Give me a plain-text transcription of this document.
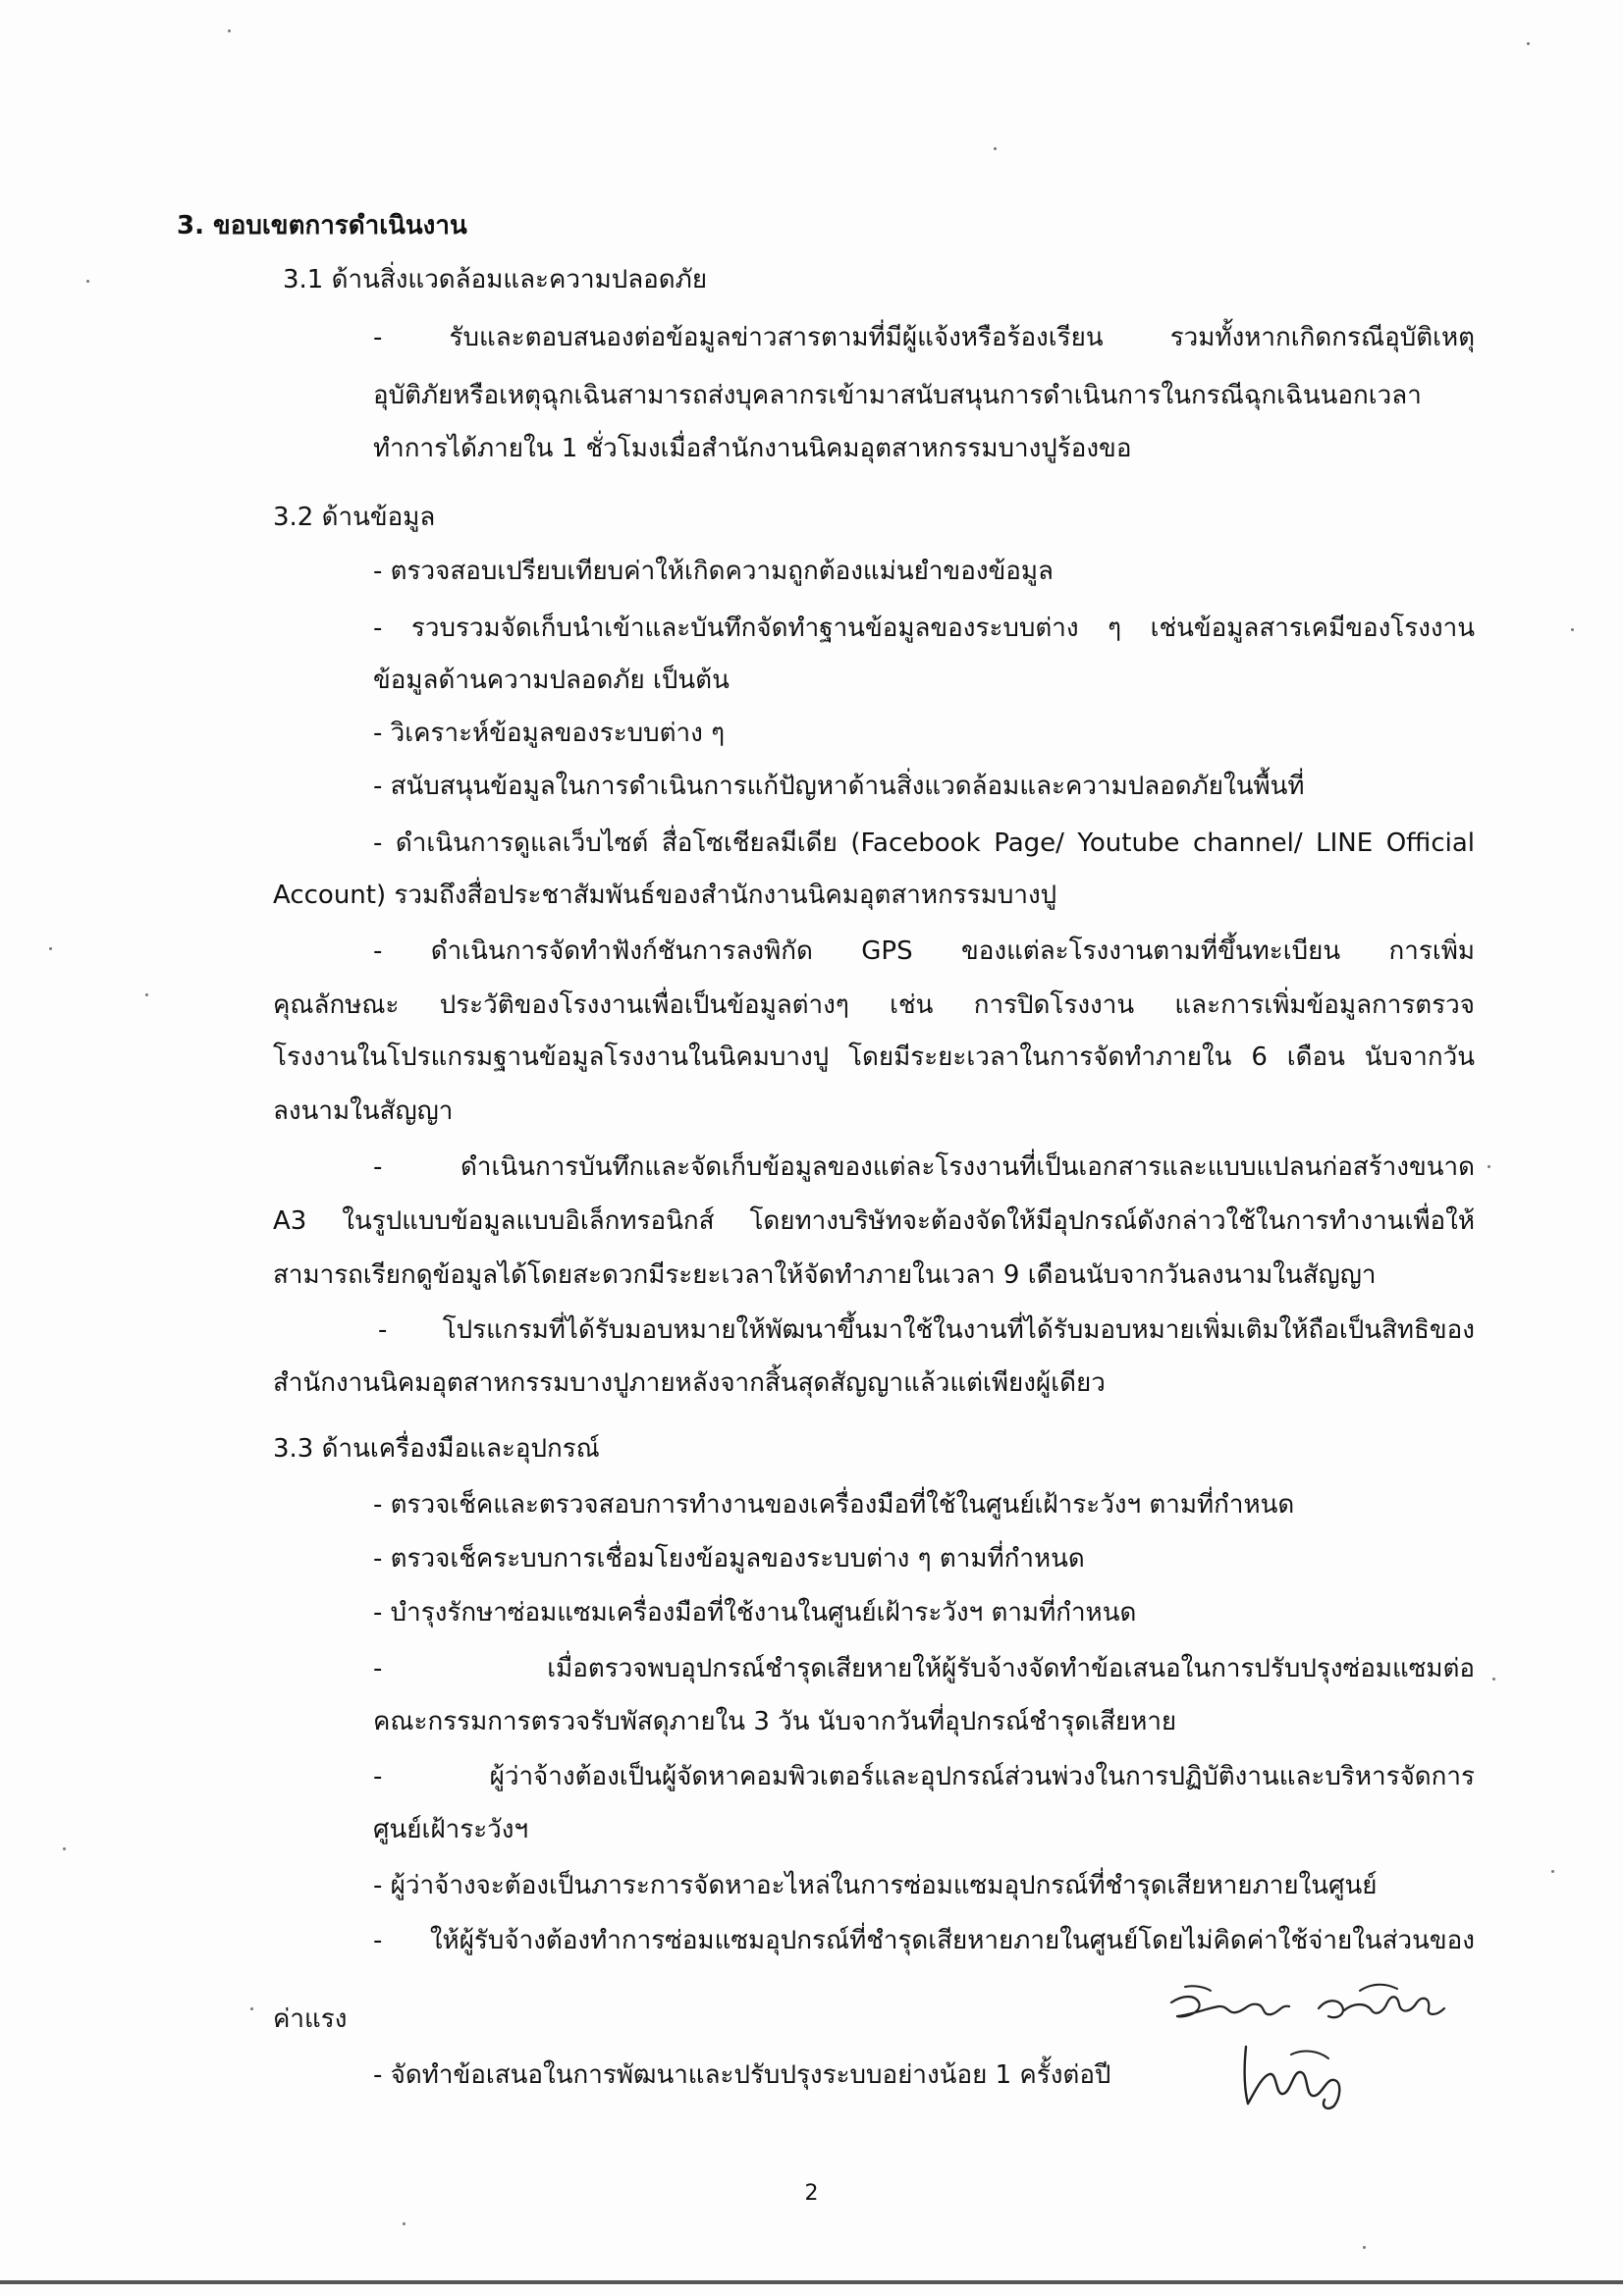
3. ขอบเขตการดำเนินงาน
3.1 ด้านสิ่งแวดล้อมและความปลอดภัย
- รับและตอบสนองต่อข้อมูลข่าวสารตามที่มีผู้แจ้งหรือร้องเรียน รวมทั้งหากเกิดกรณีอุบัติเหตุ
อุบัติภัยหรือเหตุฉุกเฉินสามารถส่งบุคลากรเข้ามาสนับสนุนการดำเนินการในกรณีฉุกเฉินนอกเวลา
ทำการได้ภายใน 1 ชั่วโมงเมื่อสำนักงานนิคมอุตสาหกรรมบางปูร้องขอ
3.2 ด้านข้อมูล
- ตรวจสอบเปรียบเทียบค่าให้เกิดความถูกต้องแม่นยำของข้อมูล
- รวบรวมจัดเก็บนำเข้าและบันทึกจัดทำฐานข้อมูลของระบบต่าง ๆ เช่นข้อมูลสารเคมีของโรงงาน
ข้อมูลด้านความปลอดภัย เป็นต้น
- วิเคราะห์ข้อมูลของระบบต่าง ๆ
- สนับสนุนข้อมูลในการดำเนินการแก้ปัญหาด้านสิ่งแวดล้อมและความปลอดภัยในพื้นที่
- ดำเนินการดูแลเว็บไซต์ สื่อโซเชียลมีเดีย (Facebook Page/ Youtube channel/ LINE Official
Account) รวมถึงสื่อประชาสัมพันธ์ของสำนักงานนิคมอุตสาหกรรมบางปู
- ดำเนินการจัดทำฟังก์ชันการลงพิกัด GPS ของแต่ละโรงงานตามที่ขึ้นทะเบียน การเพิ่ม
คุณลักษณะ ประวัติของโรงงานเพื่อเป็นข้อมูลต่างๆ เช่น การปิดโรงงาน และการเพิ่มข้อมูลการตรวจ
โรงงานในโปรแกรมฐานข้อมูลโรงงานในนิคมบางปู โดยมีระยะเวลาในการจัดทำภายใน 6 เดือน นับจากวัน
ลงนามในสัญญา
- ดำเนินการบันทึกและจัดเก็บข้อมูลของแต่ละโรงงานที่เป็นเอกสารและแบบแปลนก่อสร้างขนาด
A3 ในรูปแบบข้อมูลแบบอิเล็กทรอนิกส์ โดยทางบริษัทจะต้องจัดให้มีอุปกรณ์ดังกล่าวใช้ในการทำงานเพื่อให้
สามารถเรียกดูข้อมูลได้โดยสะดวกมีระยะเวลาให้จัดทำภายในเวลา 9 เดือนนับจากวันลงนามในสัญญา
- โปรแกรมที่ได้รับมอบหมายให้พัฒนาขึ้นมาใช้ในงานที่ได้รับมอบหมายเพิ่มเติมให้ถือเป็นสิทธิของ
สำนักงานนิคมอุตสาหกรรมบางปูภายหลังจากสิ้นสุดสัญญาแล้วแต่เพียงผู้เดียว
3.3 ด้านเครื่องมือและอุปกรณ์
- ตรวจเช็คและตรวจสอบการทำงานของเครื่องมือที่ใช้ในศูนย์เฝ้าระวังฯ ตามที่กำหนด
- ตรวจเช็คระบบการเชื่อมโยงข้อมูลของระบบต่าง ๆ ตามที่กำหนด
- บำรุงรักษาซ่อมแซมเครื่องมือที่ใช้งานในศูนย์เฝ้าระวังฯ ตามที่กำหนด
- เมื่อตรวจพบอุปกรณ์ชำรุดเสียหายให้ผู้รับจ้างจัดทำข้อเสนอในการปรับปรุงซ่อมแซมต่อ
คณะกรรมการตรวจรับพัสดุภายใน 3 วัน นับจากวันที่อุปกรณ์ชำรุดเสียหาย
- ผู้ว่าจ้างต้องเป็นผู้จัดหาคอมพิวเตอร์และอุปกรณ์ส่วนพ่วงในการปฏิบัติงานและบริหารจัดการ
ศูนย์เฝ้าระวังฯ
- ผู้ว่าจ้างจะต้องเป็นภาระการจัดหาอะไหล่ในการซ่อมแซมอุปกรณ์ที่ชำรุดเสียหายภายในศูนย์
- ให้ผู้รับจ้างต้องทำการซ่อมแซมอุปกรณ์ที่ชำรุดเสียหายภายในศูนย์โดยไม่คิดค่าใช้จ่ายในส่วนของ
ค่าแรง
- จัดทำข้อเสนอในการพัฒนาและปรับปรุงระบบอย่างน้อย 1 ครั้งต่อปี
2
